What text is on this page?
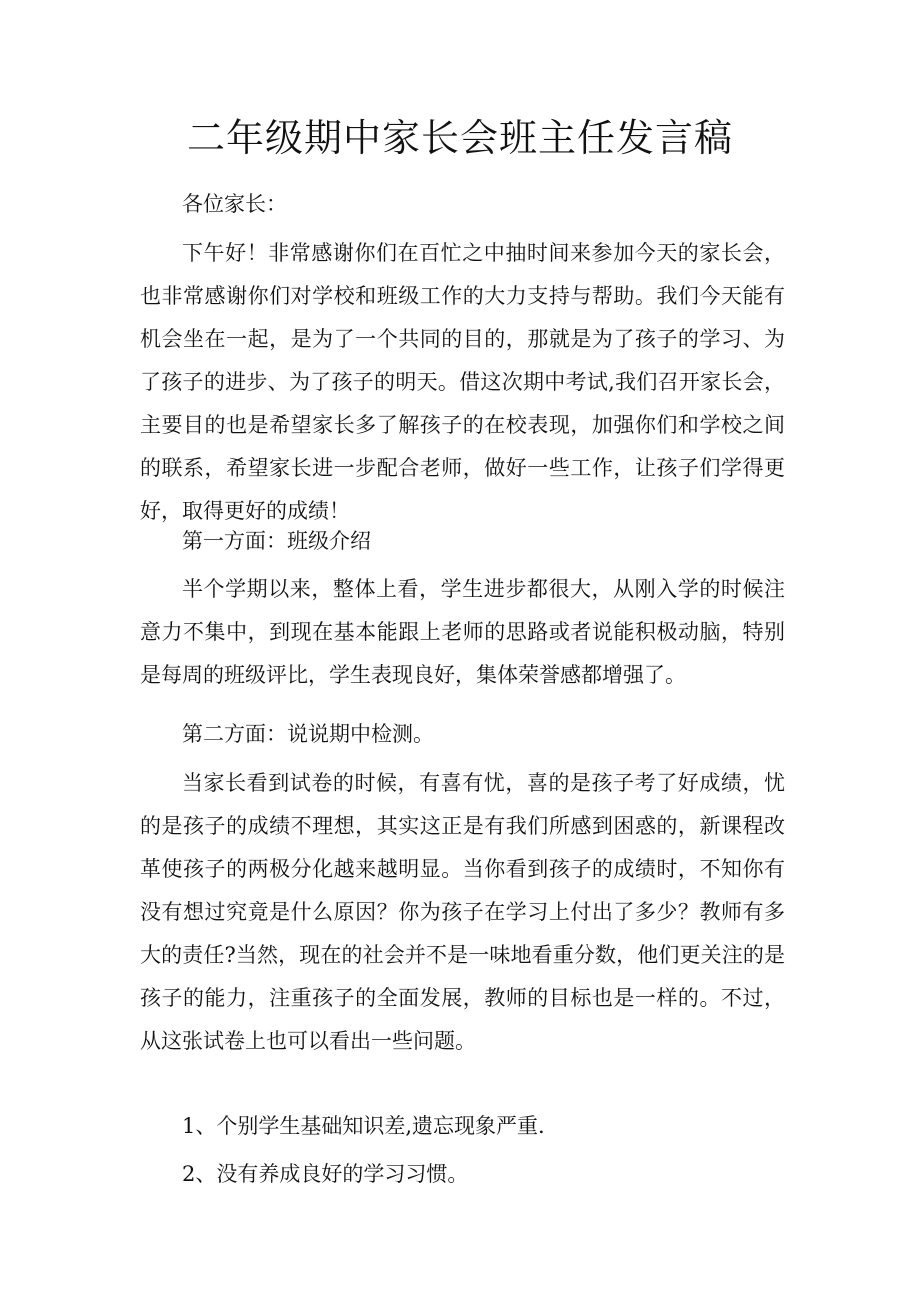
二年级期中家长会班主任发言稿

各位家长：

下午好！非常感谢你们在百忙之中抽时间来参加今天的家长会，也非常感谢你们对学校和班级工作的大力支持与帮助。我们今天能有机会坐在一起，是为了一个共同的目的，那就是为了孩子的学习、为了孩子的进步、为了孩子的明天。借这次期中考试,我们召开家长会，主要目的也是希望家长多了解孩子的在校表现，加强你们和学校之间的联系，希望家长进一步配合老师，做好一些工作，让孩子们学得更好，取得更好的成绩！

第一方面：班级介绍

半个学期以来，整体上看，学生进步都很大，从刚入学的时候注意力不集中，到现在基本能跟上老师的思路或者说能积极动脑，特别是每周的班级评比，学生表现良好，集体荣誉感都增强了。

第二方面：说说期中检测。

当家长看到试卷的时候，有喜有忧，喜的是孩子考了好成绩，忧的是孩子的成绩不理想，其实这正是有我们所感到困惑的，新课程改革使孩子的两极分化越来越明显。当你看到孩子的成绩时，不知你有没有想过究竟是什么原因？你为孩子在学习上付出了多少？教师有多大的责任?当然，现在的社会并不是一味地看重分数，他们更关注的是孩子的能力，注重孩子的全面发展，教师的目标也是一样的。不过，从这张试卷上也可以看出一些问题。

1、个别学生基础知识差,遗忘现象严重.

2、没有养成良好的学习习惯。
